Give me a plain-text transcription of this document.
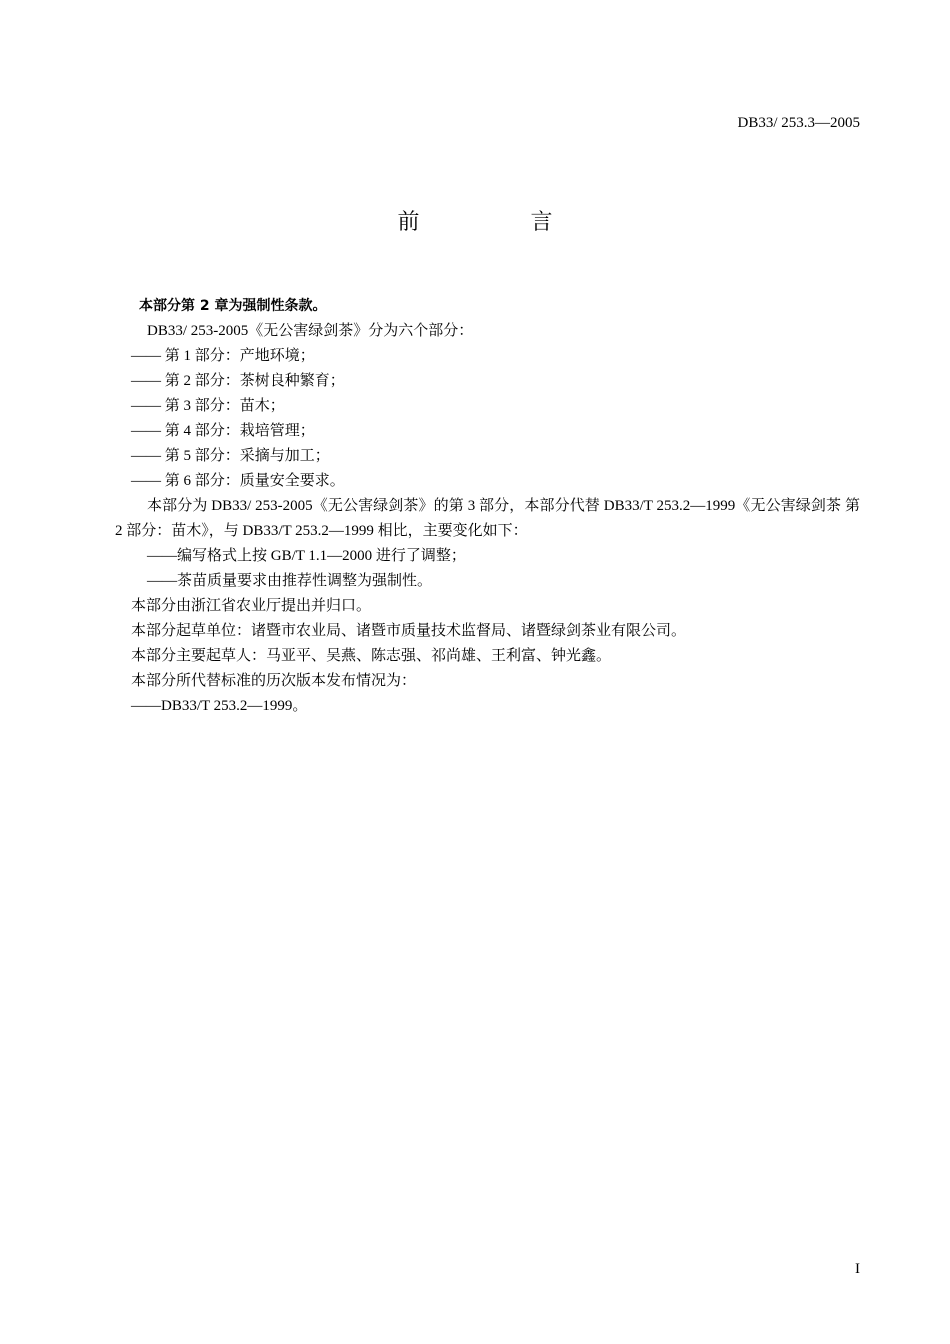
DB33/ 253.3—2005
前 言
本部分第 2 章为强制性条款。
DB33/ 253-2005《无公害绿剑茶》分为六个部分：
—— 第 1 部分：产地环境；
—— 第 2 部分：茶树良种繁育；
—— 第 3 部分：苗木；
—— 第 4 部分：栽培管理；
—— 第 5 部分：采摘与加工；
—— 第 6 部分：质量安全要求。
本部分为 DB33/ 253-2005《无公害绿剑茶》的第 3 部分，本部分代替 DB33/T 253.2—1999《无公害绿剑茶 第 2 部分：苗木》，与 DB33/T 253.2—1999 相比，主要变化如下：
——编写格式上按 GB/T 1.1—2000 进行了调整；
——茶苗质量要求由推荐性调整为强制性。
本部分由浙江省农业厅提出并归口。
本部分起草单位：诸暨市农业局、诸暨市质量技术监督局、诸暨绿剑茶业有限公司。
本部分主要起草人：马亚平、吴燕、陈志强、祁尚雄、王利富、钟光鑫。
本部分所代替标准的历次版本发布情况为：
——DB33/T 253.2—1999。
I
